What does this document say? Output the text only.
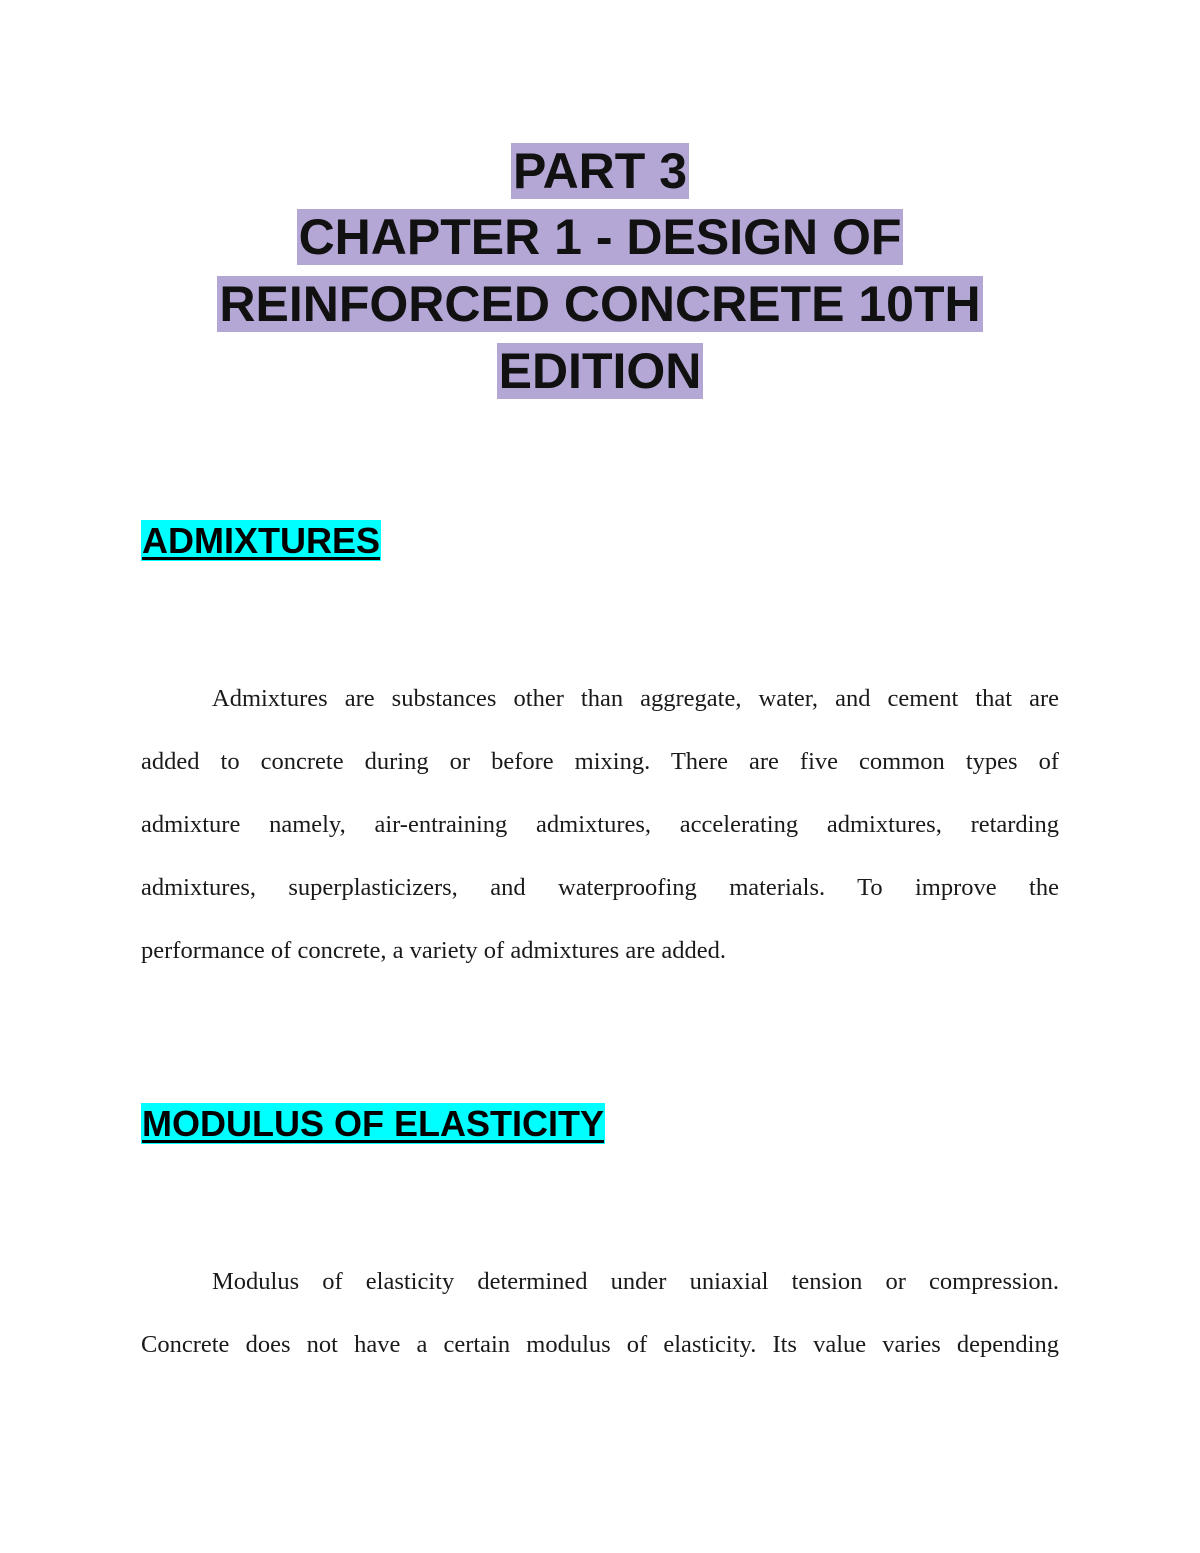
PART 3
CHAPTER 1 - DESIGN OF
REINFORCED CONCRETE 10TH
EDITION
ADMIXTURES
Admixtures are substances other than aggregate, water, and cement that are
added to concrete during or before mixing. There are five common types of
admixture namely, air-entraining admixtures, accelerating admixtures, retarding
admixtures, superplasticizers, and waterproofing materials. To improve the
performance of concrete, a variety of admixtures are added.
MODULUS OF ELASTICITY
Modulus of elasticity determined under uniaxial tension or compression.
Concrete does not have a certain modulus of elasticity. Its value varies depending
